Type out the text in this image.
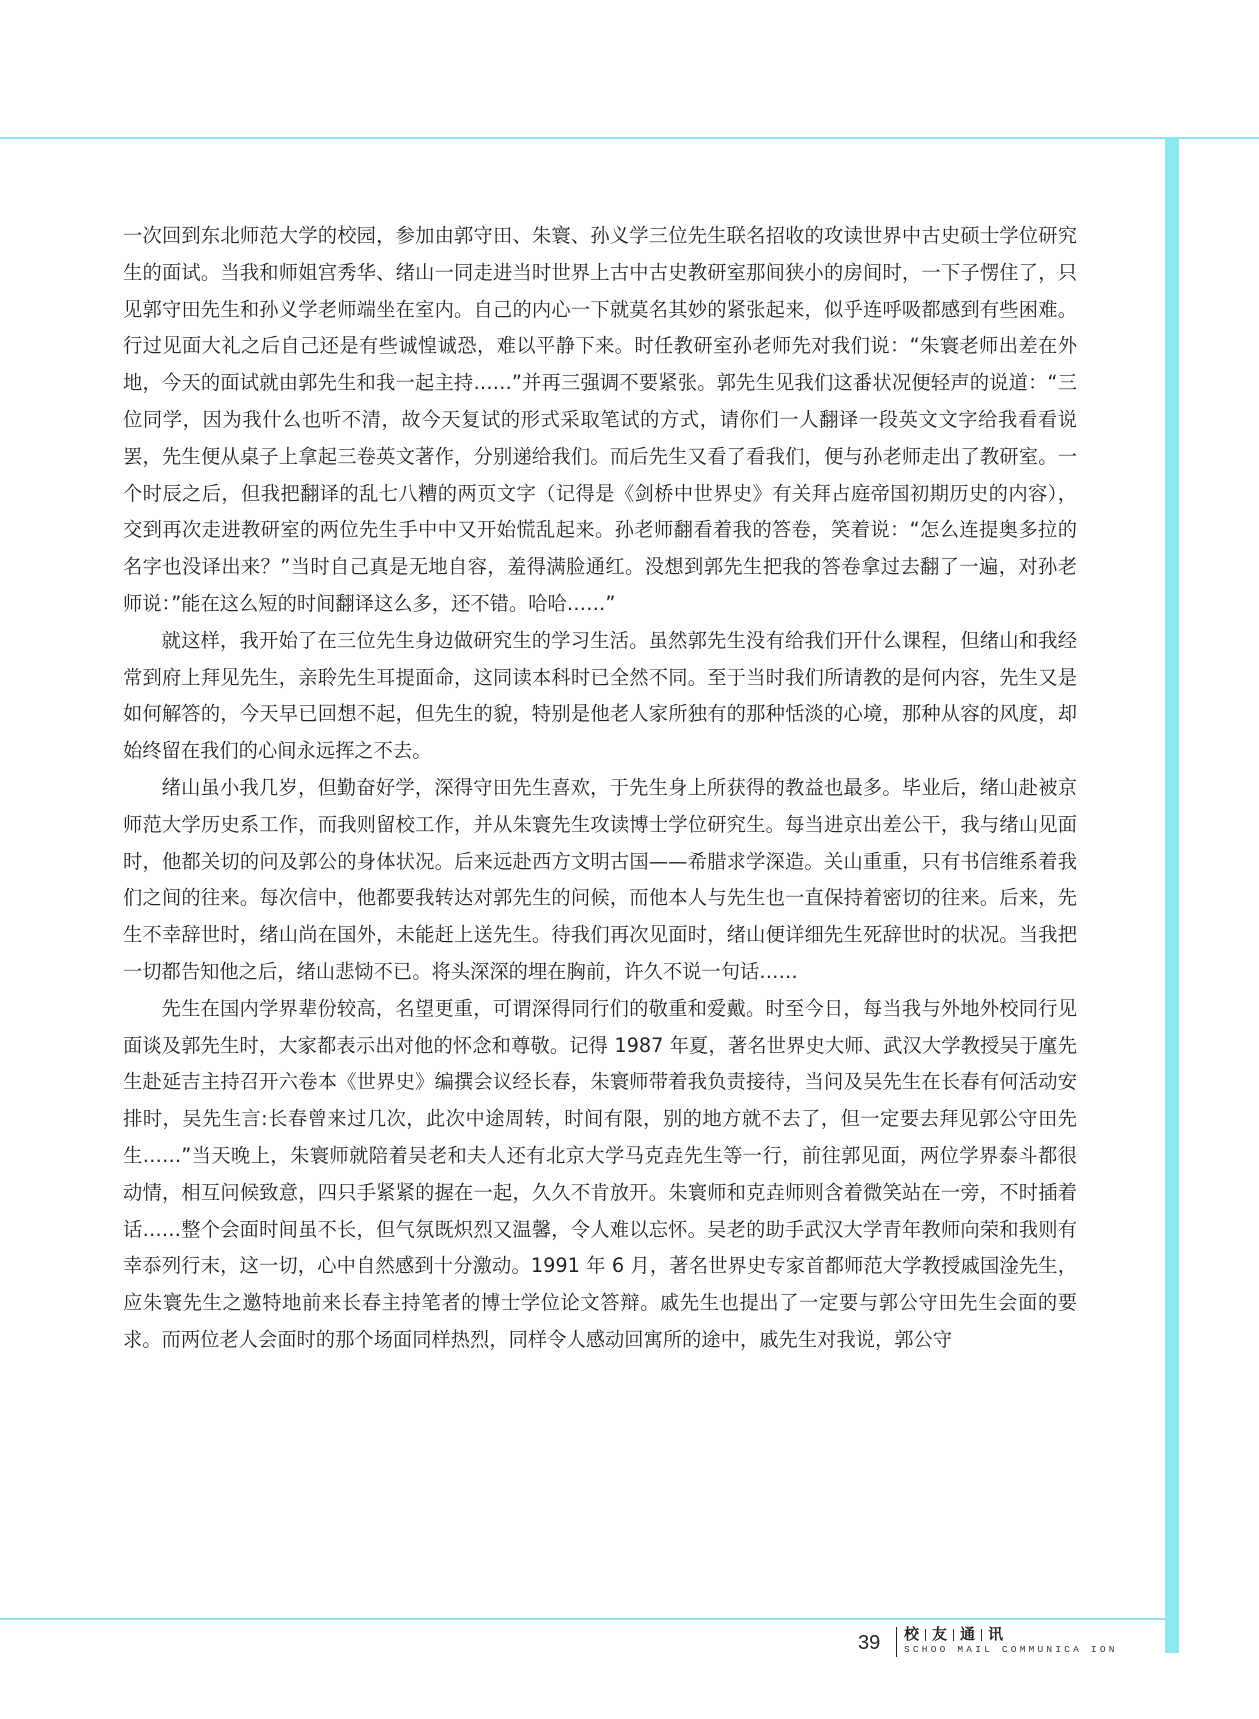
一次回到东北师范大学的校园，参加由郭守田、朱寰、孙义学三位先生联名招收的攻读世界中古史硕士学位研究生的面试。当我和师姐宫秀华、绪山一同走进当时世界上古中古史教研室那间狭小的房间时，一下子愣住了，只见郭守田先生和孙义学老师端坐在室内。自己的内心一下就莫名其妙的紧张起来，似乎连呼吸都感到有些困难。行过见面大礼之后自己还是有些诚惶诚恐，难以平静下来。时任教研室孙老师先对我们说：“朱寰老师出差在外地，今天的面试就由郭先生和我一起主持……”并再三强调不要紧张。郭先生见我们这番状况便轻声的说道：“三位同学，因为我什么也听不清，故今天复试的形式采取笔试的方式，请你们一人翻译一段英文文字给我看看说罢，先生便从桌子上拿起三卷英文著作，分别递给我们。而后先生又看了看我们，便与孙老师走出了教研室。一个时辰之后，但我把翻译的乱七八糟的两页文字（记得是《剑桥中世界史》有关拜占庭帝国初期历史的内容），交到再次走进教研室的两位先生手中中又开始慌乱起来。孙老师翻看着我的答卷，笑着说：“怎么连提奥多拉的名字也没译出来？”当时自己真是无地自容，羞得满脸通红。没想到郭先生把我的答卷拿过去翻了一遍，对孙老师说：”能在这么短的时间翻译这么多，还不错。哈哈……”

就这样，我开始了在三位先生身边做研究生的学习生活。虽然郭先生没有给我们开什么课程，但绪山和我经常到府上拜见先生，亲聆先生耳提面命，这同读本科时已全然不同。至于当时我们所请教的是何内容，先生又是如何解答的，今天早已回想不起，但先生的貌，特别是他老人家所独有的那种恬淡的心境，那种从容的风度，却始终留在我们的心间永远挥之不去。

绪山虽小我几岁，但勤奋好学，深得守田先生喜欢，于先生身上所获得的教益也最多。毕业后，绪山赴被京师范大学历史系工作，而我则留校工作，并从朱寰先生攻读博士学位研究生。每当进京出差公干，我与绪山见面时，他都关切的问及郭公的身体状况。后来远赴西方文明古国——希腊求学深造。关山重重，只有书信维系着我们之间的往来。每次信中，他都要我转达对郭先生的问候，而他本人与先生也一直保持着密切的往来。后来，先生不幸辞世时，绪山尚在国外，未能赶上送先生。待我们再次见面时，绪山便详细先生死辞世时的状况。当我把一切都告知他之后，绪山悲恸不已。将头深深的埋在胸前，许久不说一句话……

先生在国内学界辈份较高，名望更重，可谓深得同行们的敬重和爱戴。时至今日，每当我与外地外校同行见面谈及郭先生时，大家都表示出对他的怀念和尊敬。记得 1987 年夏，著名世界史大师、武汉大学教授吴于廑先生赴延吉主持召开六卷本《世界史》编撰会议经长春，朱寰师带着我负责接待，当问及吴先生在长春有何活动安排时，吴先生言:长春曾来过几次，此次中途周转，时间有限，别的地方就不去了，但一定要去拜见郭公守田先生……”当天晚上，朱寰师就陪着吴老和夫人还有北京大学马克垚先生等一行，前往郭见面，两位学界泰斗都很动情，相互问候致意，四只手紧紧的握在一起，久久不肯放开。朱寰师和克垚师则含着微笑站在一旁，不时插着话……整个会面时间虽不长，但气氛既炽烈又温馨，令人难以忘怀。吴老的助手武汉大学青年教师向荣和我则有幸忝列行末，这一切，心中自然感到十分激动。1991 年 6 月，著名世界史专家首都师范大学教授戚国淦先生，应朱寰先生之邀特地前来长春主持笔者的博士学位论文答辩。戚先生也提出了一定要与郭公守田先生会面的要求。而两位老人会面时的那个场面同样热烈，同样令人感动回寓所的途中，戚先生对我说，郭公守

39 校 友 通 讯
SCHOO MAIL COMMUNICA ION
